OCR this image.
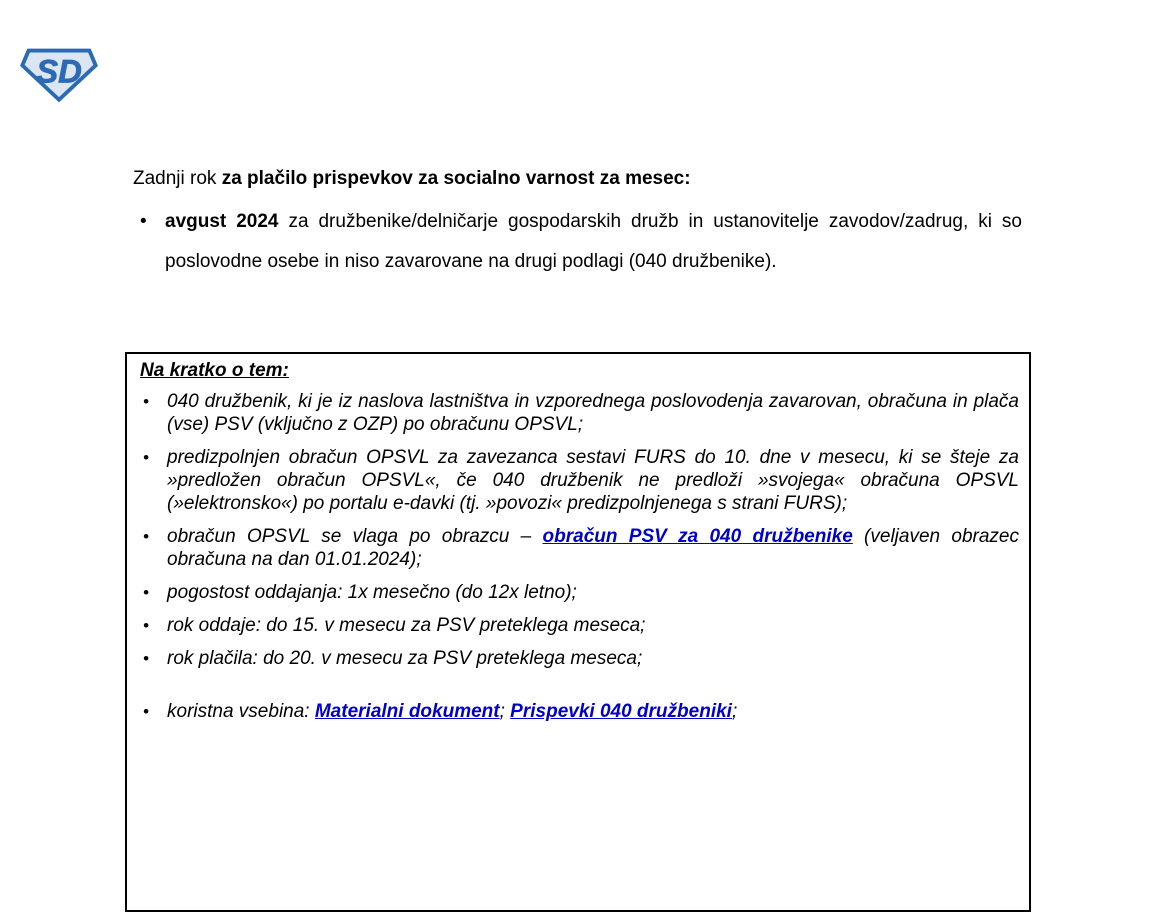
SD
Zadnji rok za plačilo prispevkov za socialno varnost za mesec:
• avgust 2024 za družbenike/delničarje gospodarskih družb in ustanovitelje zavodov/zadrug, ki so poslovodne osebe in niso zavarovane na drugi podlagi (040 družbenike).
Na kratko o tem:
• 040 družbenik, ki je iz naslova lastništva in vzporednega poslovodenja zavarovan, obračuna in plača (vse) PSV (vključno z OZP) po obračunu OPSVL;
• predizpolnjen obračun OPSVL za zavezanca sestavi FURS do 10. dne v mesecu, ki se šteje za »predložen obračun OPSVL«, če 040 družbenik ne predloži »svojega« obračuna OPSVL (»elektronsko«) po portalu e-davki (tj. »povozi« predizpolnjenega s strani FURS);
• obračun OPSVL se vlaga po obrazcu – obračun PSV za 040 družbenike (veljaven obrazec obračuna na dan 01.01.2024);
• pogostost oddajanja: 1x mesečno (do 12x letno);
• rok oddaje: do 15. v mesecu za PSV preteklega meseca;
• rok plačila: do 20. v mesecu za PSV preteklega meseca;
• koristna vsebina: Materialni dokument; Prispevki 040 družbeniki;
